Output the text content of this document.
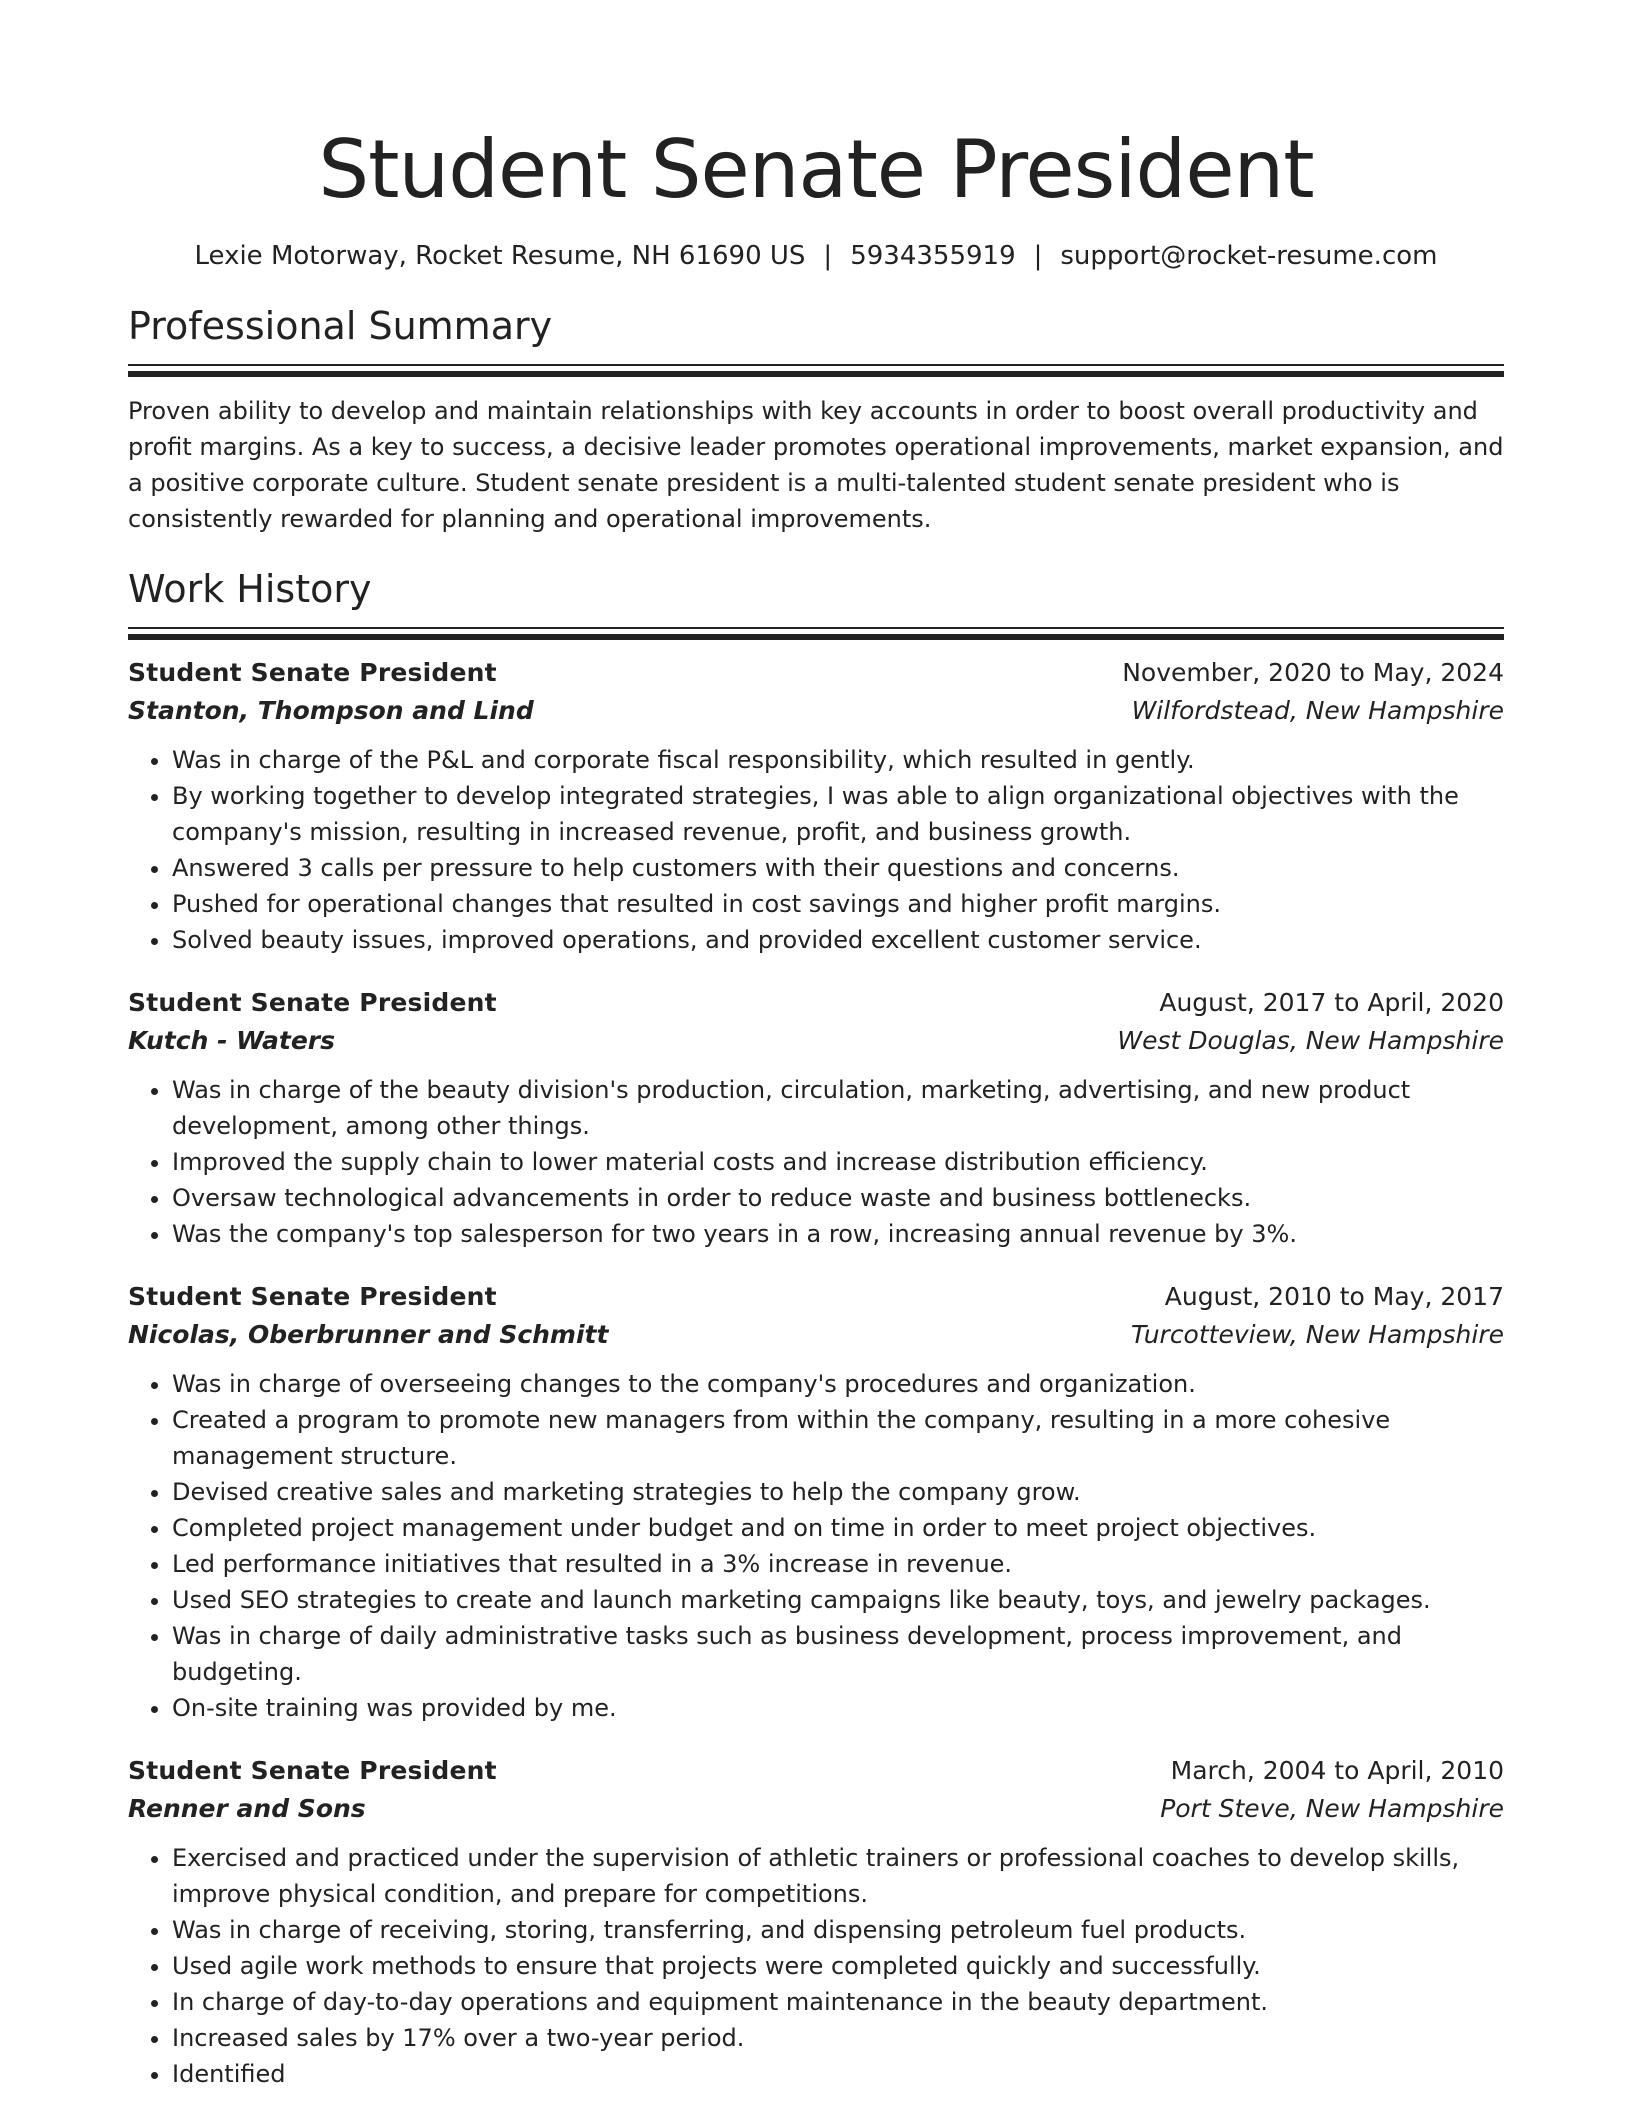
Student Senate President
Lexie Motorway, Rocket Resume, NH 61690 US | 5934355919 | support@rocket-resume.com
Professional Summary
Proven ability to develop and maintain relationships with key accounts in order to boost overall productivity and profit margins. As a key to success, a decisive leader promotes operational improvements, market expansion, and a positive corporate culture. Student senate president is a multi-talented student senate president who is consistently rewarded for planning and operational improvements.
Work History
Student Senate President	November, 2020 to May, 2024
Stanton, Thompson and Lind	Wilfordstead, New Hampshire
• Was in charge of the P&L and corporate fiscal responsibility, which resulted in gently.
• By working together to develop integrated strategies, I was able to align organizational objectives with the company's mission, resulting in increased revenue, profit, and business growth.
• Answered 3 calls per pressure to help customers with their questions and concerns.
• Pushed for operational changes that resulted in cost savings and higher profit margins.
• Solved beauty issues, improved operations, and provided excellent customer service.
Student Senate President	August, 2017 to April, 2020
Kutch - Waters	West Douglas, New Hampshire
• Was in charge of the beauty division's production, circulation, marketing, advertising, and new product development, among other things.
• Improved the supply chain to lower material costs and increase distribution efficiency.
• Oversaw technological advancements in order to reduce waste and business bottlenecks.
• Was the company's top salesperson for two years in a row, increasing annual revenue by 3%.
Student Senate President	August, 2010 to May, 2017
Nicolas, Oberbrunner and Schmitt	Turcotteview, New Hampshire
• Was in charge of overseeing changes to the company's procedures and organization.
• Created a program to promote new managers from within the company, resulting in a more cohesive management structure.
• Devised creative sales and marketing strategies to help the company grow.
• Completed project management under budget and on time in order to meet project objectives.
• Led performance initiatives that resulted in a 3% increase in revenue.
• Used SEO strategies to create and launch marketing campaigns like beauty, toys, and jewelry packages.
• Was in charge of daily administrative tasks such as business development, process improvement, and budgeting.
• On-site training was provided by me.
Student Senate President	March, 2004 to April, 2010
Renner and Sons	Port Steve, New Hampshire
• Exercised and practiced under the supervision of athletic trainers or professional coaches to develop skills, improve physical condition, and prepare for competitions.
• Was in charge of receiving, storing, transferring, and dispensing petroleum fuel products.
• Used agile work methods to ensure that projects were completed quickly and successfully.
• In charge of day-to-day operations and equipment maintenance in the beauty department.
• Increased sales by 17% over a two-year period.
• Identified
